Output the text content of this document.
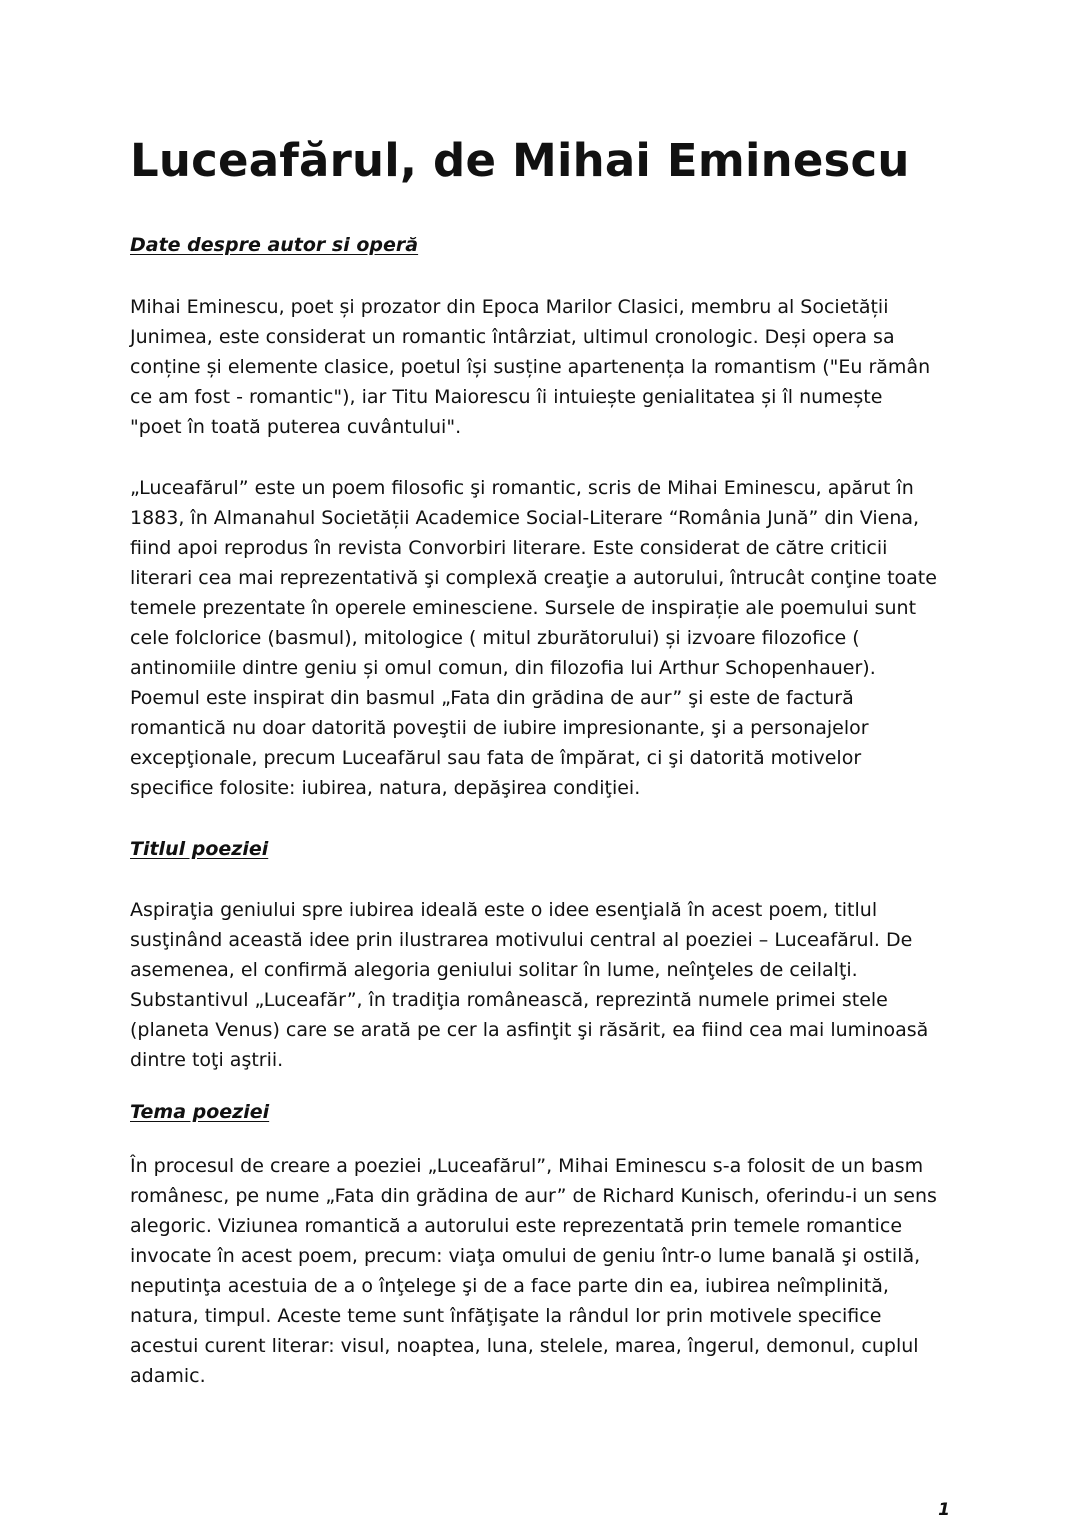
Luceafărul, de Mihai Eminescu
Date despre autor si operă
Mihai Eminescu, poet și prozator din Epoca Marilor Clasici, membru al Societății
Junimea, este considerat un romantic întârziat, ultimul cronologic. Deși opera sa
conține și elemente clasice, poetul își susține apartenența la romantism ("Eu rămân
ce am fost - romantic"), iar Titu Maiorescu îi intuiește genialitatea și îl numește
"poet în toată puterea cuvântului".
„Luceafărul” este un poem filosofic şi romantic, scris de Mihai Eminescu, apărut în
1883, în Almanahul Societății Academice Social-Literare “România Jună” din Viena,
fiind apoi reprodus în revista Convorbiri literare. Este considerat de către criticii
literari cea mai reprezentativă şi complexă creaţie a autorului, întrucât conţine toate
temele prezentate în operele eminesciene. Sursele de inspirație ale poemului sunt
cele folclorice (basmul), mitologice ( mitul zburătorului) și izvoare filozofice (
antinomiile dintre geniu și omul comun, din filozofia lui Arthur Schopenhauer).
Poemul este inspirat din basmul „Fata din grădina de aur” şi este de factură
romantică nu doar datorită poveştii de iubire impresionante, şi a personajelor
excepţionale, precum Luceafărul sau fata de împărat, ci şi datorită motivelor
specifice folosite: iubirea, natura, depăşirea condiţiei.
Titlul poeziei
Aspiraţia geniului spre iubirea ideală este o idee esenţială în acest poem, titlul
susţinând această idee prin ilustrarea motivului central al poeziei – Luceafărul. De
asemenea, el confirmă alegoria geniului solitar în lume, neînţeles de ceilalţi.
Substantivul „Luceafăr”, în tradiţia românească, reprezintă numele primei stele
(planeta Venus) care se arată pe cer la asfinţit şi răsărit, ea fiind cea mai luminoasă
dintre toţi aştrii.
Tema poeziei
În procesul de creare a poeziei „Luceafărul”, Mihai Eminescu s-a folosit de un basm
românesc, pe nume „Fata din grădina de aur” de Richard Kunisch, oferindu-i un sens
alegoric. Viziunea romantică a autorului este reprezentată prin temele romantice
invocate în acest poem, precum: viaţa omului de geniu într-o lume banală şi ostilă,
neputinţa acestuia de a o înţelege şi de a face parte din ea, iubirea neîmplinită,
natura, timpul. Aceste teme sunt înfăţişate la rândul lor prin motivele specifice
acestui curent literar: visul, noaptea, luna, stelele, marea, îngerul, demonul, cuplul
adamic.
1
